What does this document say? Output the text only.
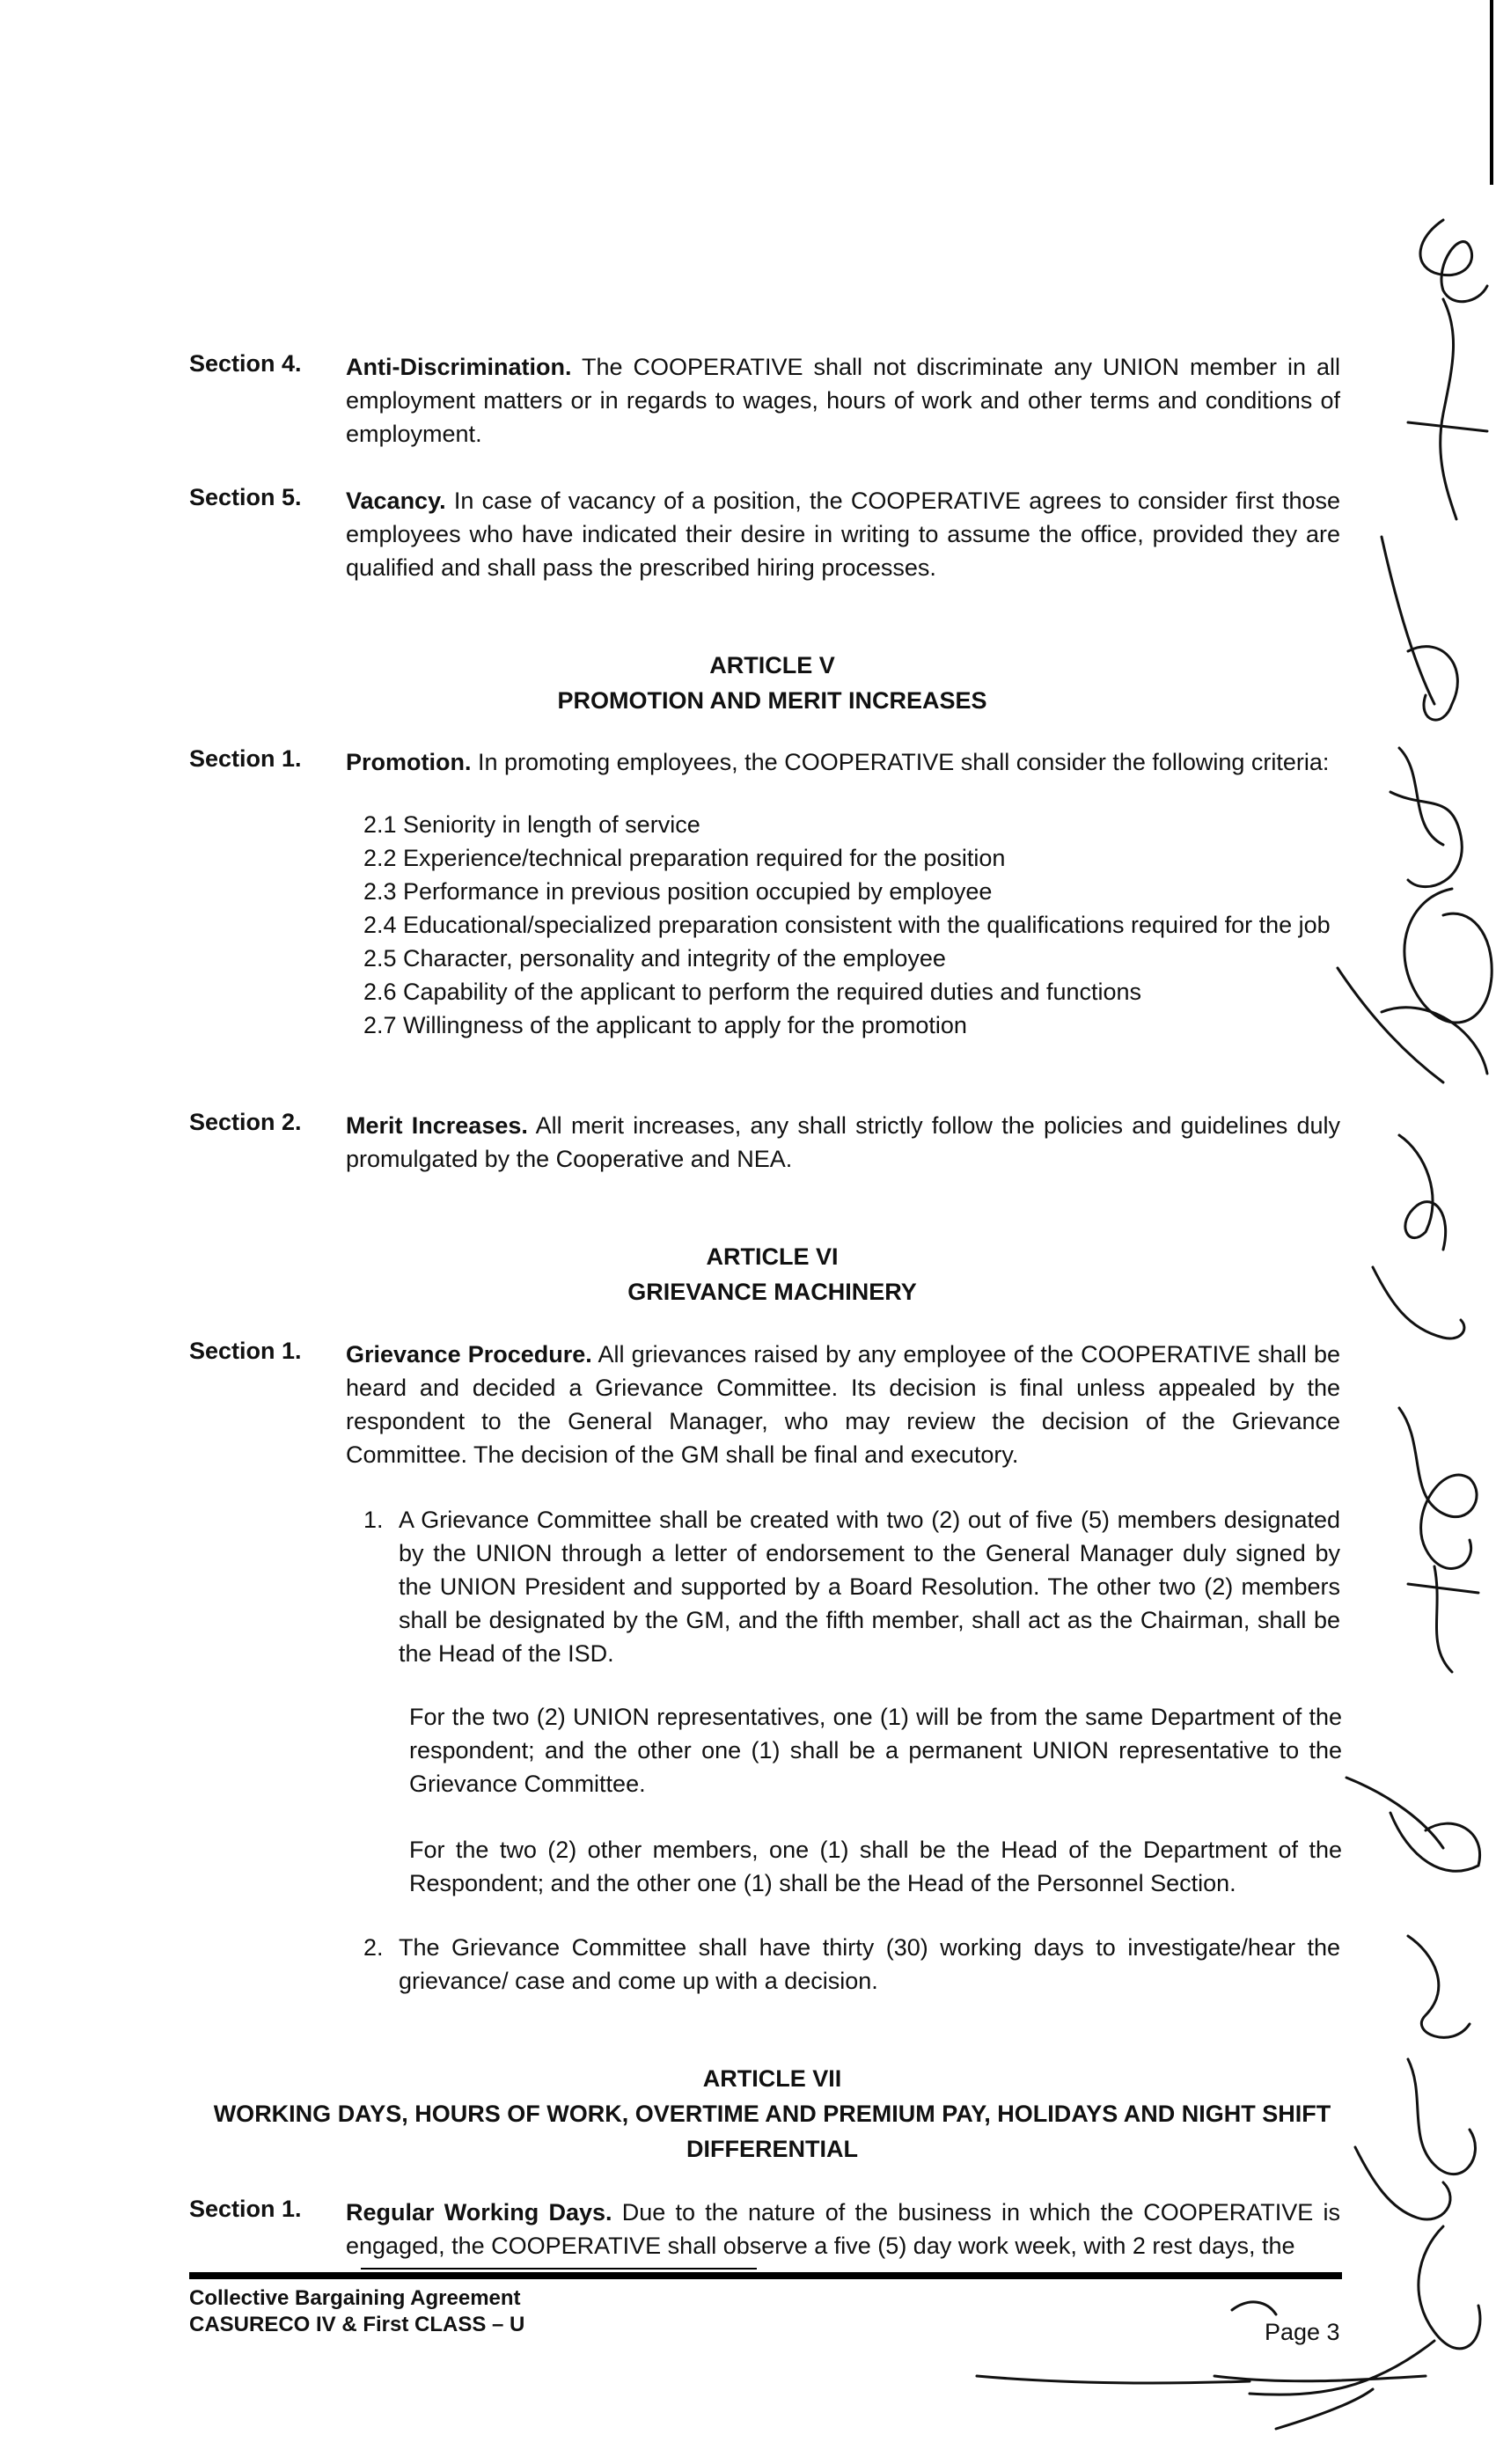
Section 4. Anti-Discrimination. The COOPERATIVE shall not discriminate any UNION member in all employment matters or in regards to wages, hours of work and other terms and conditions of employment.
Section 5. Vacancy. In case of vacancy of a position, the COOPERATIVE agrees to consider first those employees who have indicated their desire in writing to assume the office, provided they are qualified and shall pass the prescribed hiring processes.
ARTICLE V
PROMOTION AND MERIT INCREASES
Section 1. Promotion. In promoting employees, the COOPERATIVE shall consider the following criteria:
2.1 Seniority in length of service
2.2 Experience/technical preparation required for the position
2.3 Performance in previous position occupied by employee
2.4 Educational/specialized preparation consistent with the qualifications required for the job
2.5 Character, personality and integrity of the employee
2.6 Capability of the applicant to perform the required duties and functions
2.7 Willingness of the applicant to apply for the promotion
Section 2. Merit Increases. All merit increases, any shall strictly follow the policies and guidelines duly promulgated by the Cooperative and NEA.
ARTICLE VI
GRIEVANCE MACHINERY
Section 1. Grievance Procedure. All grievances raised by any employee of the COOPERATIVE shall be heard and decided a Grievance Committee. Its decision is final unless appealed by the respondent to the General Manager, who may review the decision of the Grievance Committee. The decision of the GM shall be final and executory.
1. A Grievance Committee shall be created with two (2) out of five (5) members designated by the UNION through a letter of endorsement to the General Manager duly signed by the UNION President and supported by a Board Resolution. The other two (2) members shall be designated by the GM, and the fifth member, shall act as the Chairman, shall be the Head of the ISD.
For the two (2) UNION representatives, one (1) will be from the same Department of the respondent; and the other one (1) shall be a permanent UNION representative to the Grievance Committee.
For the two (2) other members, one (1) shall be the Head of the Department of the Respondent; and the other one (1) shall be the Head of the Personnel Section.
2. The Grievance Committee shall have thirty (30) working days to investigate/hear the grievance/ case and come up with a decision.
ARTICLE VII
WORKING DAYS, HOURS OF WORK, OVERTIME AND PREMIUM PAY, HOLIDAYS AND NIGHT SHIFT
DIFFERENTIAL
Section 1. Regular Working Days. Due to the nature of the business in which the COOPERATIVE is engaged, the COOPERATIVE shall observe a five (5) day work week, with 2 rest days, the
Collective Bargaining Agreement
CASURECO IV & First CLASS – U	Page 3
